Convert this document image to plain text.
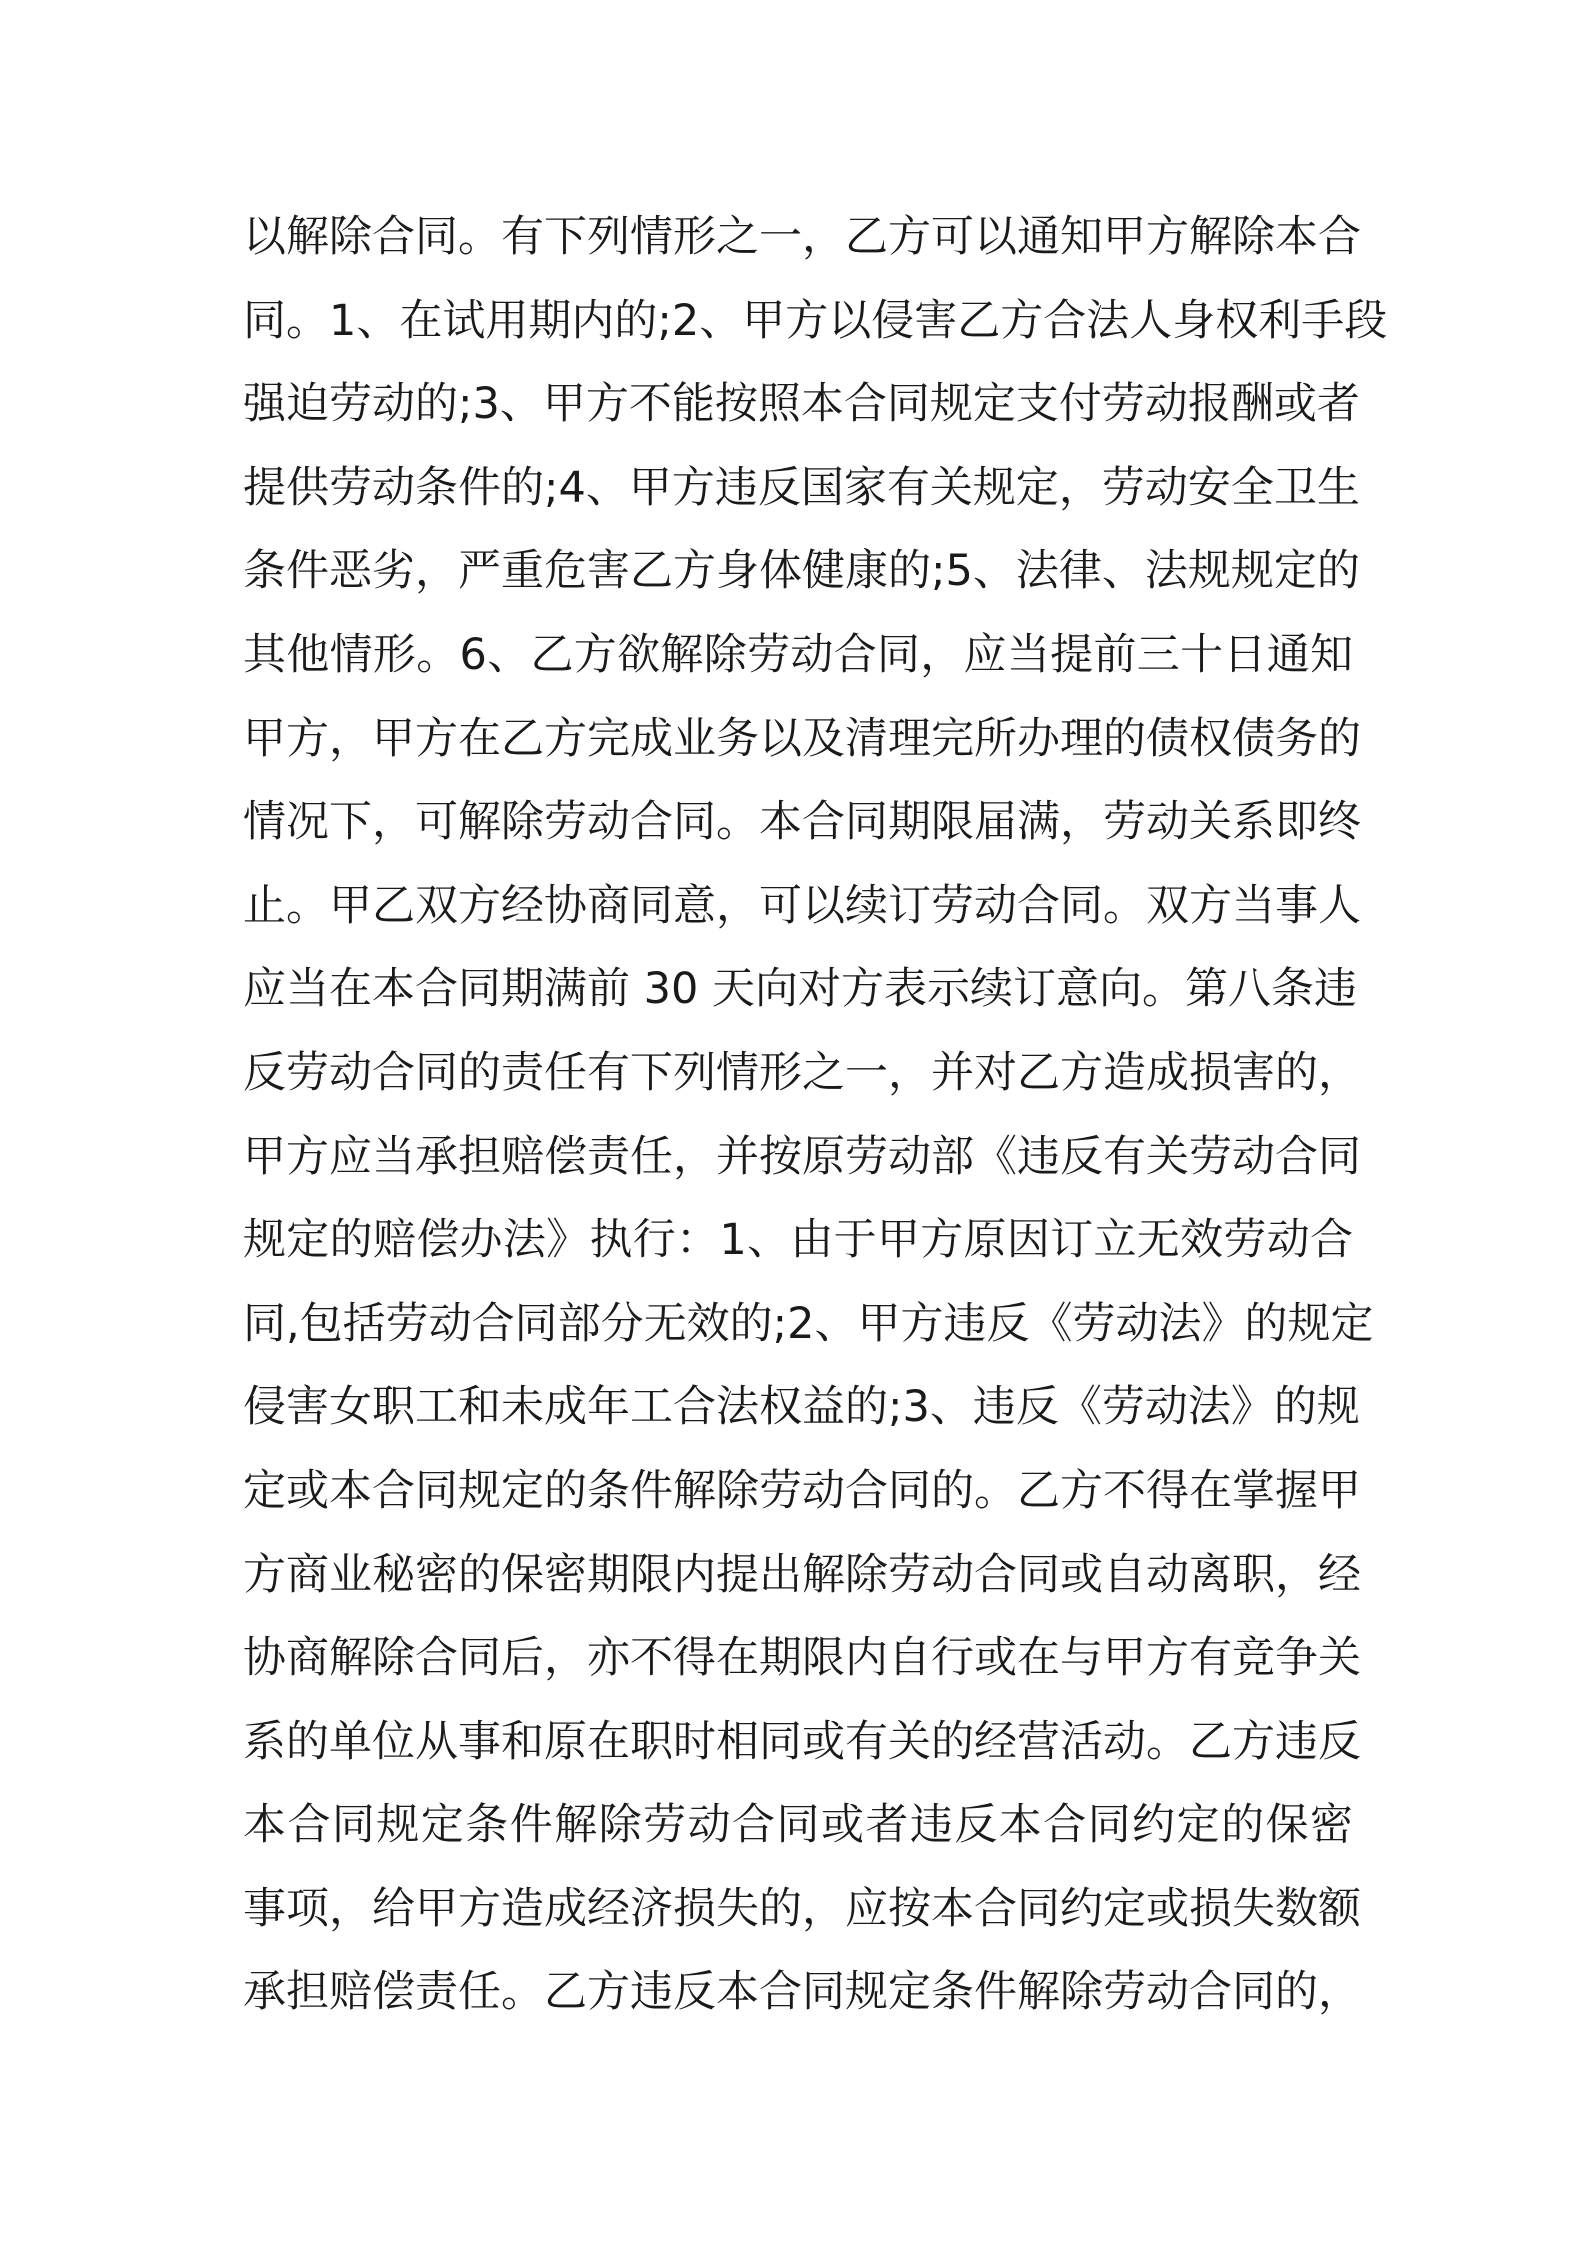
以解除合同。有下列情形之一，乙方可以通知甲方解除本合
同。1、在试用期内的;2、甲方以侵害乙方合法人身权利手段
强迫劳动的;3、甲方不能按照本合同规定支付劳动报酬或者
提供劳动条件的;4、甲方违反国家有关规定，劳动安全卫生
条件恶劣，严重危害乙方身体健康的;5、法律、法规规定的
其他情形。6、乙方欲解除劳动合同，应当提前三十日通知
甲方，甲方在乙方完成业务以及清理完所办理的债权债务的
情况下，可解除劳动合同。本合同期限届满，劳动关系即终
止。甲乙双方经协商同意，可以续订劳动合同。双方当事人
应当在本合同期满前 30 天向对方表示续订意向。第八条违
反劳动合同的责任有下列情形之一，并对乙方造成损害的，
甲方应当承担赔偿责任，并按原劳动部《违反有关劳动合同
规定的赔偿办法》执行：1、由于甲方原因订立无效劳动合
同,包括劳动合同部分无效的;2、甲方违反《劳动法》的规定
侵害女职工和未成年工合法权益的;3、违反《劳动法》的规
定或本合同规定的条件解除劳动合同的。乙方不得在掌握甲
方商业秘密的保密期限内提出解除劳动合同或自动离职，经
协商解除合同后，亦不得在期限内自行或在与甲方有竞争关
系的单位从事和原在职时相同或有关的经营活动。乙方违反
本合同规定条件解除劳动合同或者违反本合同约定的保密
事项，给甲方造成经济损失的，应按本合同约定或损失数额
承担赔偿责任。乙方违反本合同规定条件解除劳动合同的，
